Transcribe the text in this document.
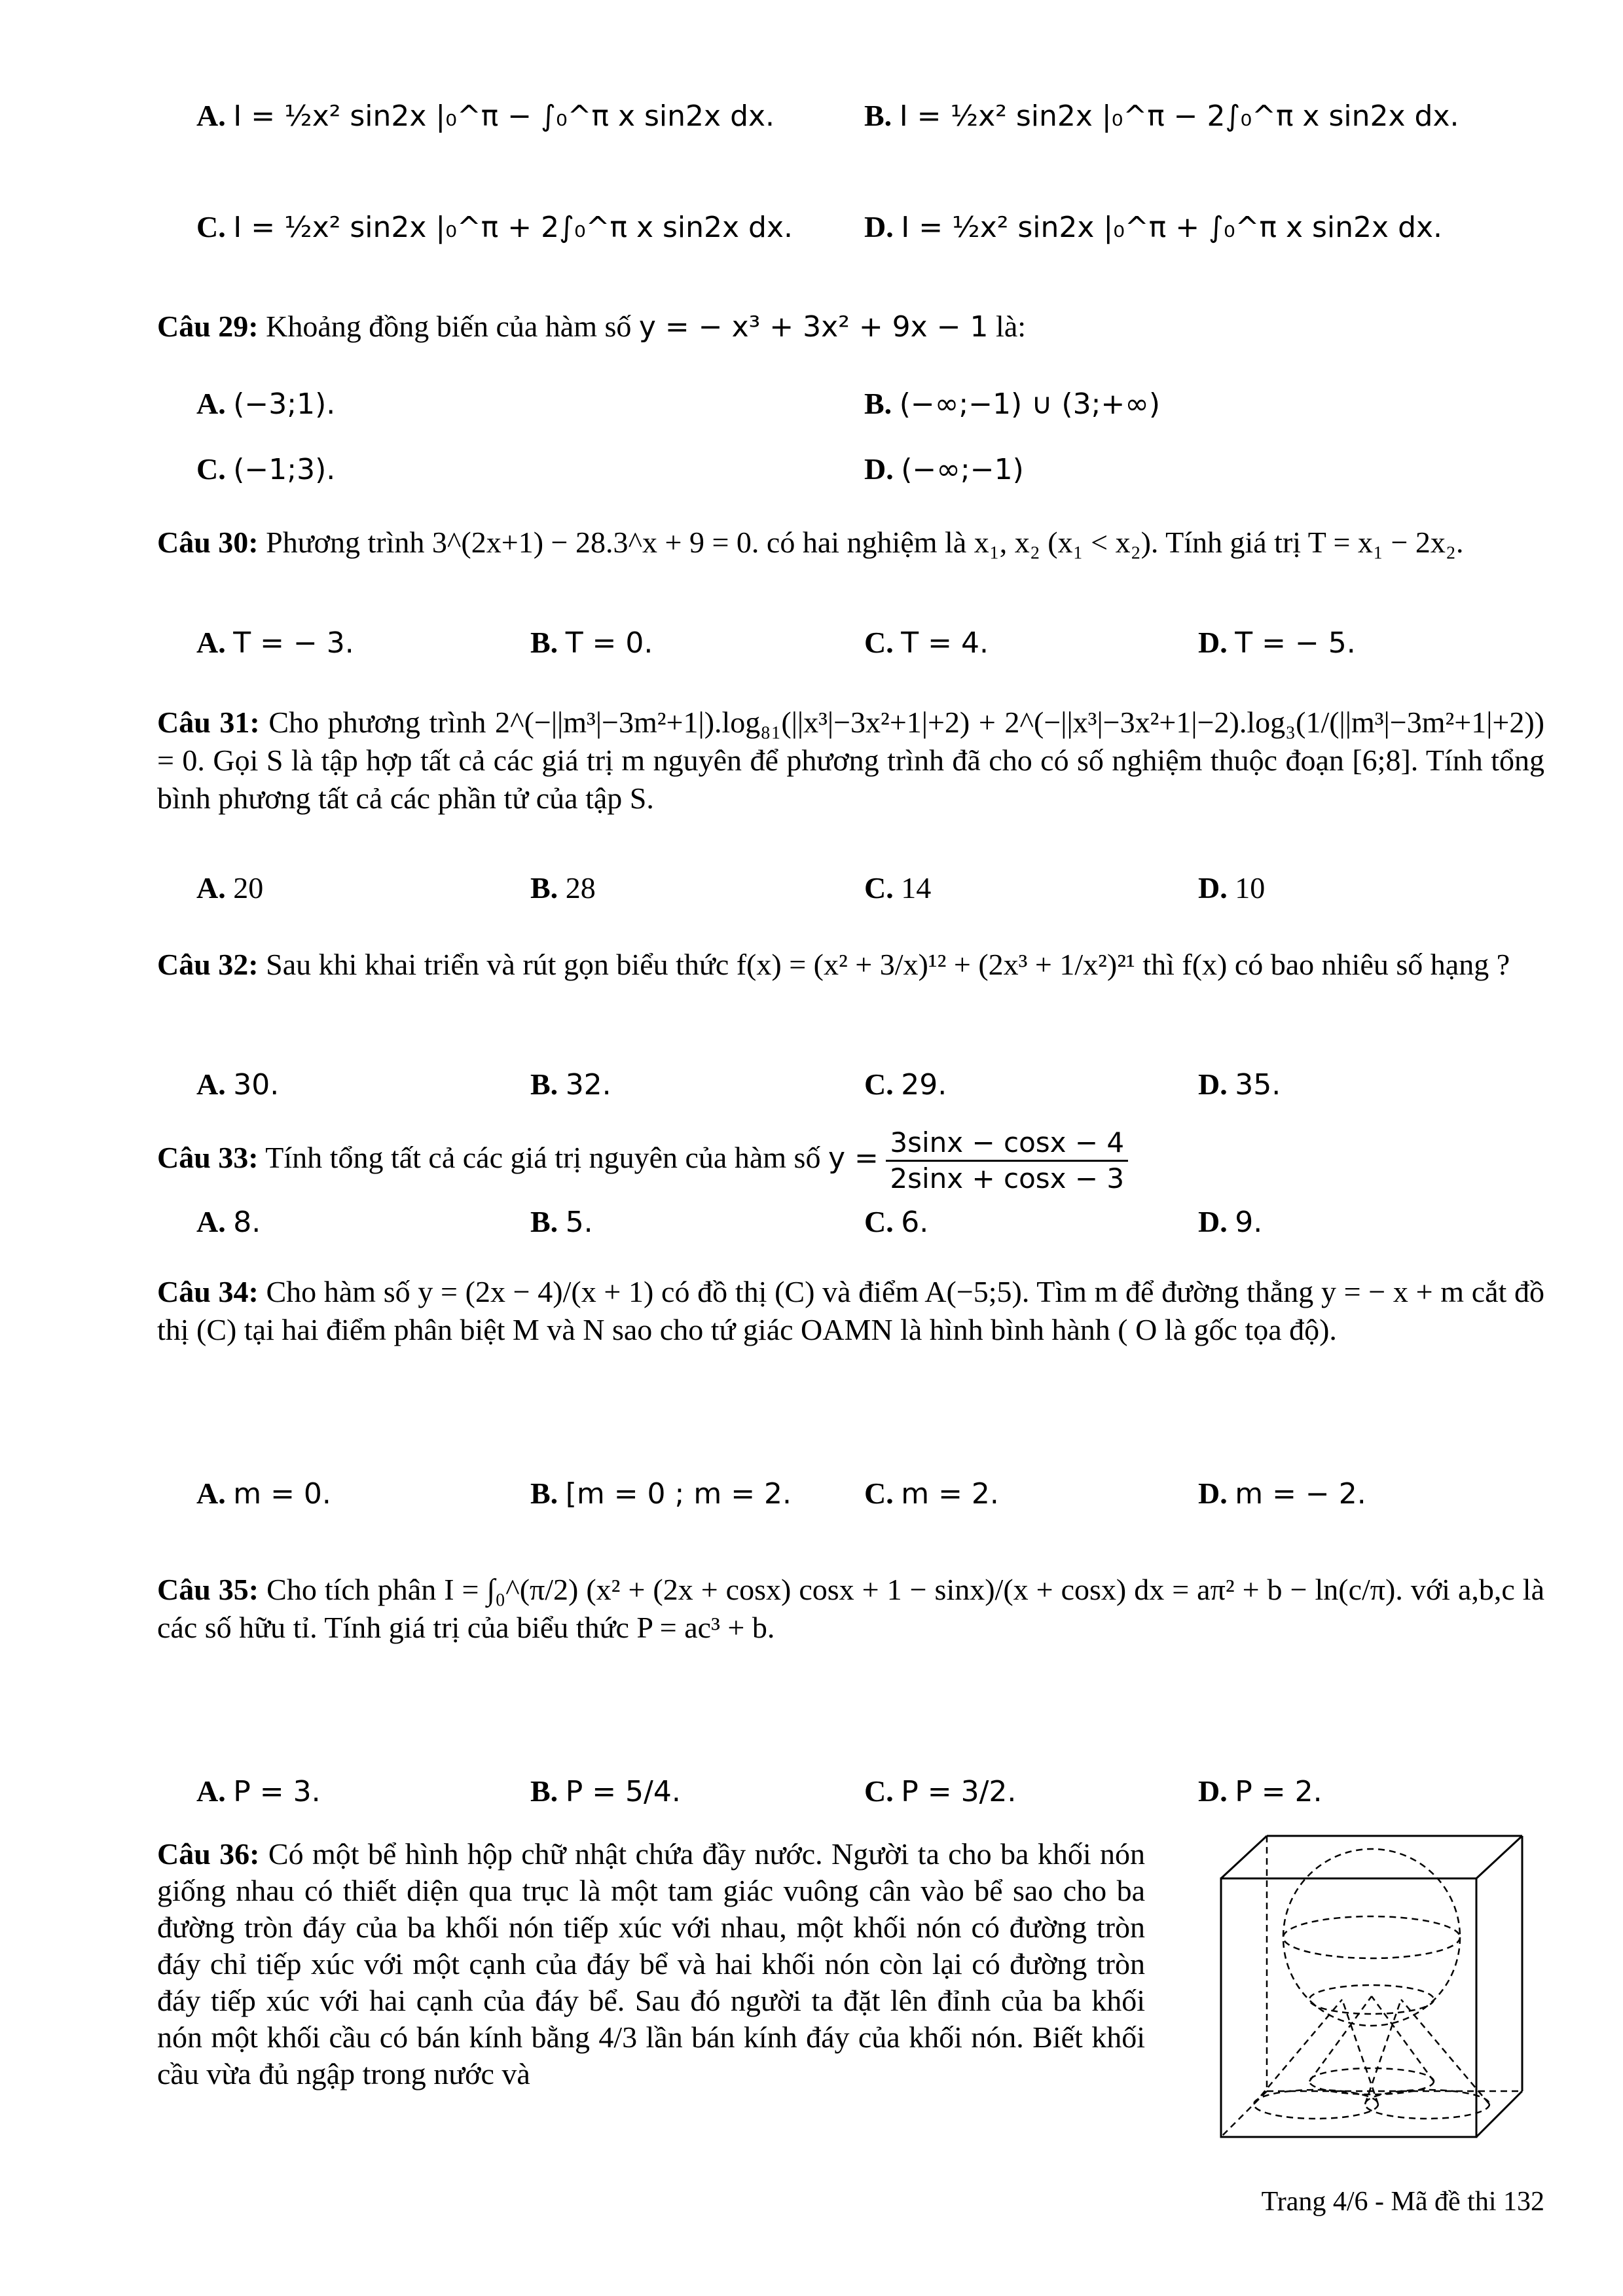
A. I = ½x² sin2x |₀^π − ∫₀^π x sin2x dx.	B. I = ½x² sin2x |₀^π − 2∫₀^π x sin2x dx.
C. I = ½x² sin2x |₀^π + 2∫₀^π x sin2x dx. D. I = ½x² sin2x |₀^π + ∫₀^π x sin2x dx.
Câu 29: Khoảng đồng biến của hàm số y = − x³ + 3x² + 9x − 1 là:
A. (−3;1).	B. (−∞;−1) ∪ (3;+∞)
C. (−1;3).	D. (−∞;−1)
Câu 30: Phương trình 3^(2x+1) − 28.3^x + 9 = 0. có hai nghiệm là x₁, x₂ (x₁ < x₂). Tính giá trị T = x₁ − 2x₂.
A. T = − 3.	B. T = 0.	C. T = 4.	D. T = − 5.
Câu 31: Cho phương trình 2^(−||m³|−3m²+1|).log₈₁(||x³|−3x²+1|+2) + 2^(−||x³|−3x²+1|−2).log₃(1/(||m³|−3m²+1|+2)) = 0. Gọi S là tập hợp tất cả các giá trị m nguyên để phương trình đã cho có số nghiệm thuộc đoạn [6;8]. Tính tổng bình phương tất cả các phần tử của tập S.
A. 20	B. 28	C. 14	D. 10
Câu 32: Sau khi khai triển và rút gọn biểu thức f(x) = (x² + 3/x)¹² + (2x³ + 1/x²)²¹ thì f(x) có bao nhiêu số hạng ?
A. 30.	B. 32.	C. 29.	D. 35.
Câu 33: Tính tổng tất cả các giá trị nguyên của hàm số $y = \frac{3\sin x - \cos x - 4}{2\sin x + \cos x - 3}$
A. 8.	B. 5.	C. 6.	D. 9.
Câu 34: Cho hàm số y = (2x − 4)/(x + 1) có đồ thị (C) và điểm A(−5;5). Tìm m để đường thẳng y = − x + m cắt đồ thị (C) tại hai điểm phân biệt M và N sao cho tứ giác OAMN là hình bình hành ( O là gốc tọa độ).
A. m = 0.	B. [m = 0 ; m = 2. C. m = 2.	D. m = − 2.
Câu 35: Cho tích phân I = ∫₀^(π/2) (x² + (2x + cosx) cosx + 1 − sinx)/(x + cosx) dx = aπ² + b − ln(c/π). với a,b,c là các số hữu tỉ. Tính giá trị của biểu thức P = ac³ + b.
A. P = 3.	B. P = 5/4.	C. P = 3/2.	D. P = 2.
Câu 36: Có một bể hình hộp chữ nhật chứa đầy nước. Người ta cho ba khối nón giống nhau có thiết diện qua trục là một tam giác vuông cân vào bể sao cho ba đường tròn đáy của ba khối nón tiếp xúc với nhau, một khối nón có đường tròn đáy chỉ tiếp xúc với một cạnh của đáy bể và hai khối nón còn lại có đường tròn đáy tiếp xúc với hai cạnh của đáy bể. Sau đó người ta đặt lên đỉnh của ba khối nón một khối cầu có bán kính bằng 4/3 lần bán kính đáy của khối nón. Biết khối cầu vừa đủ ngập trong nước và
Trang 4/6 - Mã đề thi 132
